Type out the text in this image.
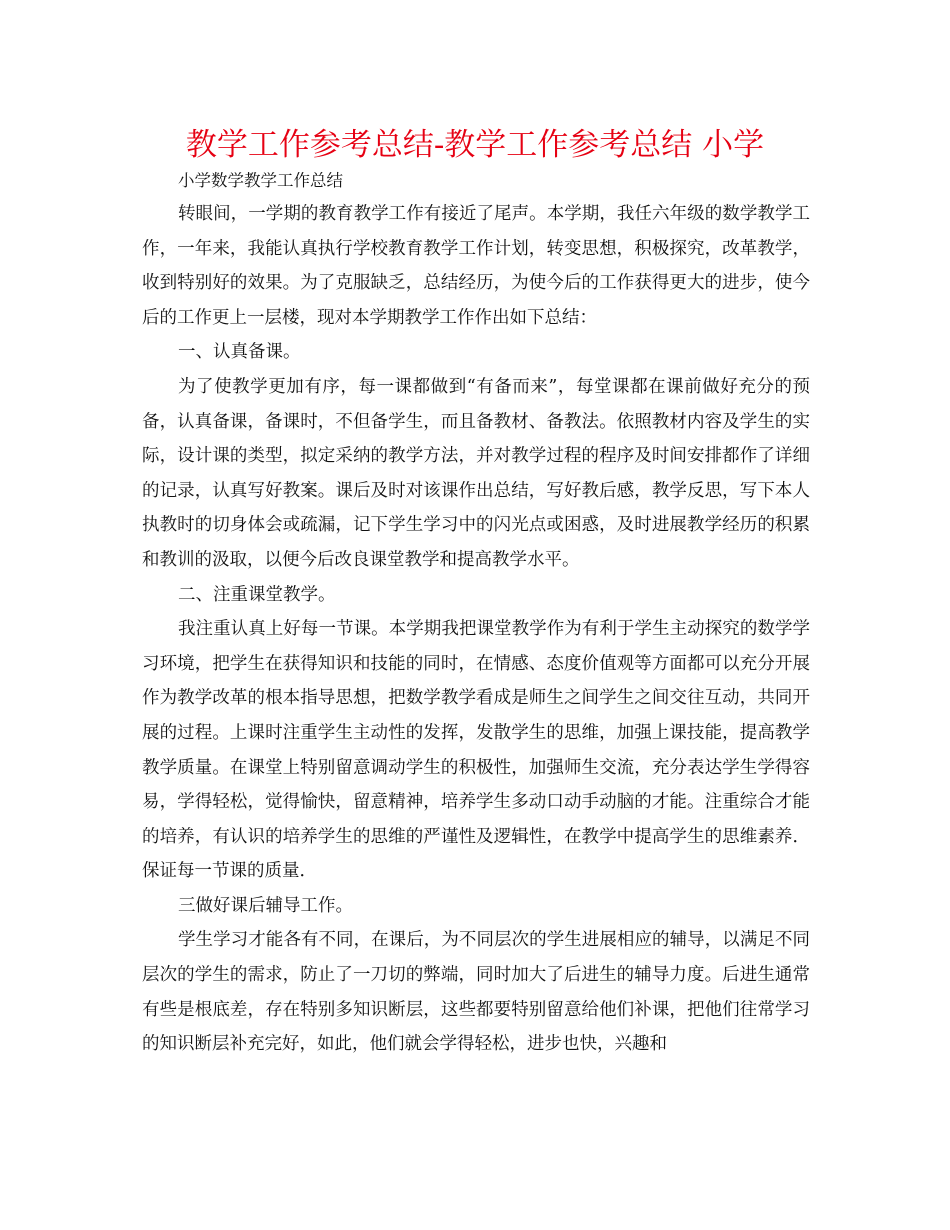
教学工作参考总结-教学工作参考总结 小学

小学数学教学工作总结

转眼间，一学期的教育教学工作有接近了尾声。本学期，我任六年级的数学教学工作，一年来，我能认真执行学校教育教学工作计划，转变思想，积极探究，改革教学，收到特别好的效果。为了克服缺乏，总结经历，为使今后的工作获得更大的进步，使今后的工作更上一层楼，现对本学期教学工作作出如下总结：

一、认真备课。

为了使教学更加有序，每一课都做到“有备而来”，每堂课都在课前做好充分的预备，认真备课，备课时，不但备学生，而且备教材、备教法。依照教材内容及学生的实际，设计课的类型，拟定采纳的教学方法，并对教学过程的程序及时间安排都作了详细的记录，认真写好教案。课后及时对该课作出总结，写好教后感，教学反思，写下本人执教时的切身体会或疏漏，记下学生学习中的闪光点或困惑，及时进展教学经历的积累和教训的汲取，以便今后改良课堂教学和提高教学水平。

二、注重课堂教学。

我注重认真上好每一节课。本学期我把课堂教学作为有利于学生主动探究的数学学习环境，把学生在获得知识和技能的同时，在情感、态度价值观等方面都可以充分开展作为教学改革的根本指导思想，把数学教学看成是师生之间学生之间交往互动，共同开展的过程。上课时注重学生主动性的发挥，发散学生的思维，加强上课技能，提高教学教学质量。在课堂上特别留意调动学生的积极性，加强师生交流，充分表达学生学得容易，学得轻松，觉得愉快，留意精神，培养学生多动口动手动脑的才能。注重综合才能的培养，有认识的培养学生的思维的严谨性及逻辑性，在教学中提高学生的思维素养．保证每一节课的质量．

三做好课后辅导工作。

学生学习才能各有不同，在课后，为不同层次的学生进展相应的辅导，以满足不同层次的学生的需求，防止了一刀切的弊端，同时加大了后进生的辅导力度。后进生通常有些是根底差，存在特别多知识断层，这些都要特别留意给他们补课，把他们往常学习的知识断层补充完好，如此，他们就会学得轻松，进步也快，兴趣和
